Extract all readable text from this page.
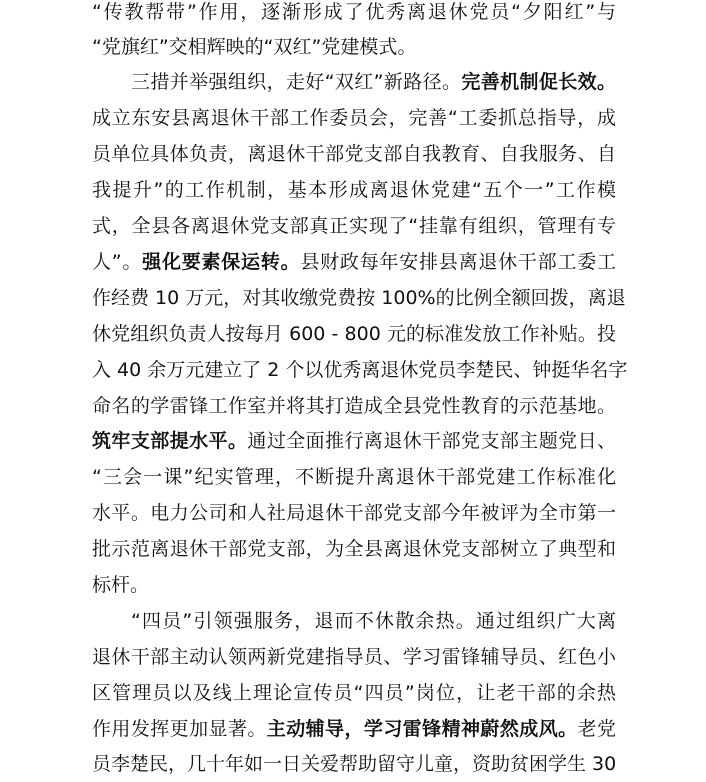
“传教帮带”作用，逐渐形成了优秀离退休党员“夕阳红”与
“党旗红”交相辉映的“双红”党建模式。
三措并举强组织，走好“双红”新路径。完善机制促长效。
成立东安县离退休干部工作委员会，完善“工委抓总指导，成
员单位具体负责，离退休干部党支部自我教育、自我服务、自
我提升”的工作机制，基本形成离退休党建“五个一”工作模
式，全县各离退休党支部真正实现了“挂靠有组织，管理有专
人”。强化要素保运转。县财政每年安排县离退休干部工委工
作经费 10 万元，对其收缴党费按 100%的比例全额回拨，离退
休党组织负责人按每月 600 - 800 元的标准发放工作补贴。投
入 40 余万元建立了 2 个以优秀离退休党员李楚民、钟挺华名字
命名的学雷锋工作室并将其打造成全县党性教育的示范基地。
筑牢支部提水平。通过全面推行离退休干部党支部主题党日、
“三会一课”纪实管理，不断提升离退休干部党建工作标准化
水平。电力公司和人社局退休干部党支部今年被评为全市第一
批示范离退休干部党支部，为全县离退休党支部树立了典型和
标杆。
“四员”引领强服务，退而不休散余热。通过组织广大离
退休干部主动认领两新党建指导员、学习雷锋辅导员、红色小
区管理员以及线上理论宣传员“四员”岗位，让老干部的余热
作用发挥更加显著。主动辅导，学习雷锋精神蔚然成风。老党
员李楚民，几十年如一日关爱帮助留守儿童，资助贫困学生 30
